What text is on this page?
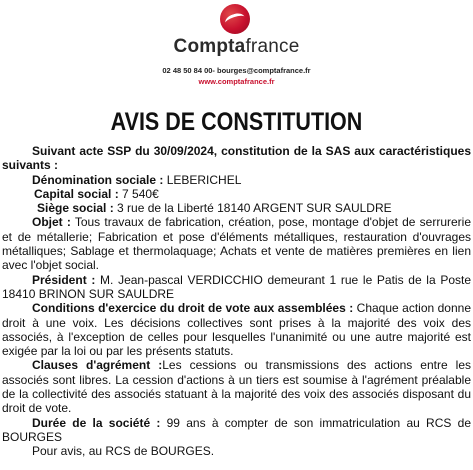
Comptafrance
02 48 50 84 00- bourges@comptafrance.fr
www.comptafrance.fr
AVIS DE CONSTITUTION

Suivant acte SSP du 30/09/2024, constitution de la SAS aux caractéristiques suivants :

Dénomination sociale : LEBERICHEL

Capital social : 7 540€

Siège social : 3 rue de la Liberté 18140 ARGENT SUR SAULDRE

Objet : Tous travaux de fabrication, création, pose, montage d'objet de serrurerie et de métallerie; Fabrication et pose d'éléments métalliques, restauration d'ouvrages métalliques; Sablage et thermolaquage; Achats et vente de matières premières en lien avec l'objet social.

Président : M. Jean-pascal VERDICCHIO demeurant 1 rue le Patis de la Poste 18410 BRINON SUR SAULDRE

Conditions d'exercice du droit de vote aux assemblées : Chaque action donne droit à une voix. Les décisions collectives sont prises à la majorité des voix des associés, à l'exception de celles pour lesquelles l'unanimité ou une autre majorité est exigée par la loi ou par les présents statuts.

Clauses d'agrément :Les cessions ou transmissions des actions entre les associés sont libres. La cession d'actions à un tiers est soumise à l'agrément préalable de la collectivité des associés statuant à la majorité des voix des associés disposant du droit de vote.

Durée de la société : 99 ans à compter de son immatriculation au RCS de BOURGES

Pour avis, au RCS de BOURGES.
